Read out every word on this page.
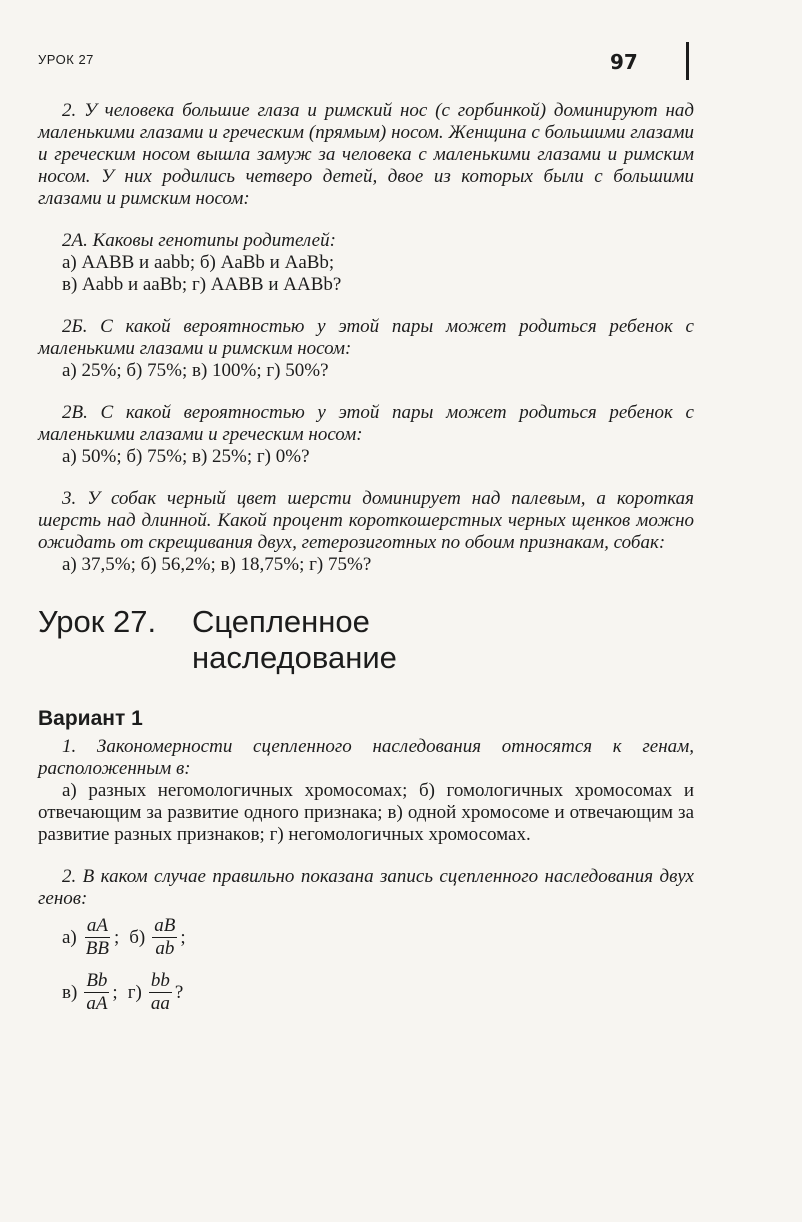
УРОК 27	97

2. У человека большие глаза и римский нос (с горбинкой) доминируют над маленькими глазами и греческим (прямым) носом. Женщина с большими глазами и греческим носом вышла замуж за человека с маленькими глазами и римским носом. У них родились четверо детей, двое из которых были с большими глазами и римским носом:

2А. Каковы генотипы родителей:

а) AABB и aabb; б) AaBb и AaBb;

в) Aabb и aaBb; г) AABB и AABb?

2Б. С какой вероятностью у этой пары может родиться ребенок с маленькими глазами и римским носом:

а) 25%; б) 75%; в) 100%; г) 50%?

2В. С какой вероятностью у этой пары может родиться ребенок с маленькими глазами и греческим носом:

а) 50%; б) 75%; в) 25%; г) 0%?

3. У собак черный цвет шерсти доминирует над палевым, а короткая шерсть над длинной. Какой процент короткошерстных черных щенков можно ожидать от скрещивания двух, гетерозиготных по обоим признакам, собак:

а) 37,5%; б) 56,2%; в) 18,75%; г) 75%?

Урок 27.	Сцепленное
наследование
Вариант 1

1. Закономерности сцепленного наследования относятся к генам, расположенным в:

а) разных негомологичных хромосомах; б) гомологичных хромосомах и отвечающим за развитие одного признака; в) одной хромосоме и отвечающим за развитие разных признаков; г) негомологичных хромосомах.

2. В каком случае правильно показана запись сцепленного наследования двух генов:

$а) \frac{aA}{BB}$ ; $б) \frac{aB}{ab}$ ;
$в) \frac{Bb}{aA}$ ; $г) \frac{bb}{aa}$ ?
